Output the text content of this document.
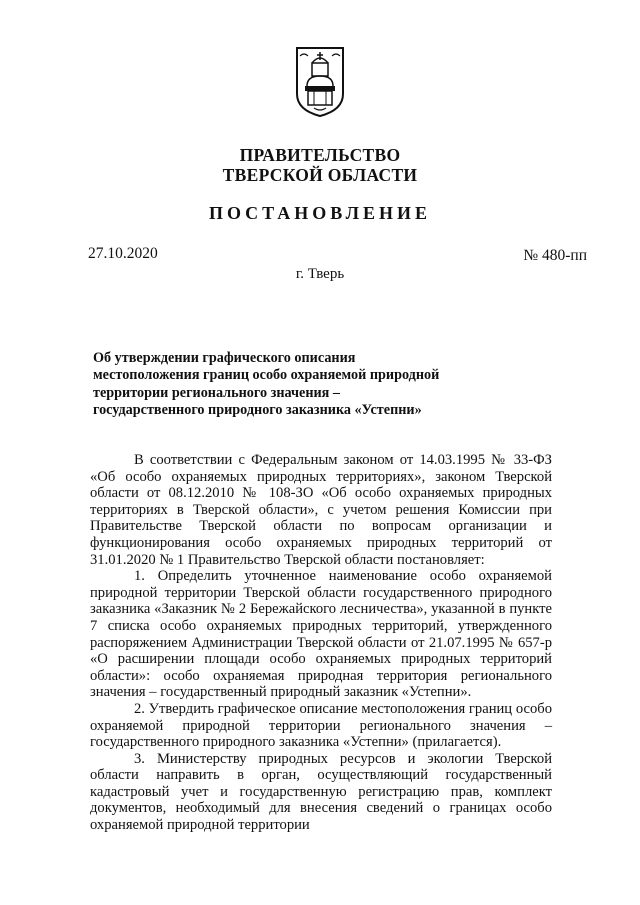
ПРАВИТЕЛЬСТВО
ТВЕРСКОЙ ОБЛАСТИ
ПОСТАНОВЛЕНИЕ
27.10.2020	№ 480-пп
г. Тверь
Об утверждении графического описания местоположения границ особо охраняемой природной территории регионального значения – государственного природного заказника «Устепни»

В соответствии с Федеральным законом от 14.03.1995 № 33-ФЗ «Об особо охраняемых природных территориях», законом Тверской области от 08.12.2010 № 108-ЗО «Об особо охраняемых природных территориях в Тверской области», с учетом решения Комиссии при Правительстве Тверской области по вопросам организации и функционирования особо охраняемых природных территорий от 31.01.2020 № 1 Правительство Тверской области постановляет:

1. Определить уточненное наименование особо охраняемой природной территории Тверской области государственного природного заказника «Заказник № 2 Бережайского лесничества», указанной в пункте 7 списка особо охраняемых природных территорий, утвержденного распоряжением Администрации Тверской области от 21.07.1995 № 657-р «О расширении площади особо охраняемых природных территорий области»: особо охраняемая природная территория регионального значения – государственный природный заказник «Устепни».

2. Утвердить графическое описание местоположения границ особо охраняемой природной территории регионального значения – государственного природного заказника «Устепни» (прилагается).

3. Министерству природных ресурсов и экологии Тверской области направить в орган, осуществляющий государственный кадастровый учет и государственную регистрацию прав, комплект документов, необходимый для внесения сведений о границах особо охраняемой природной территории
